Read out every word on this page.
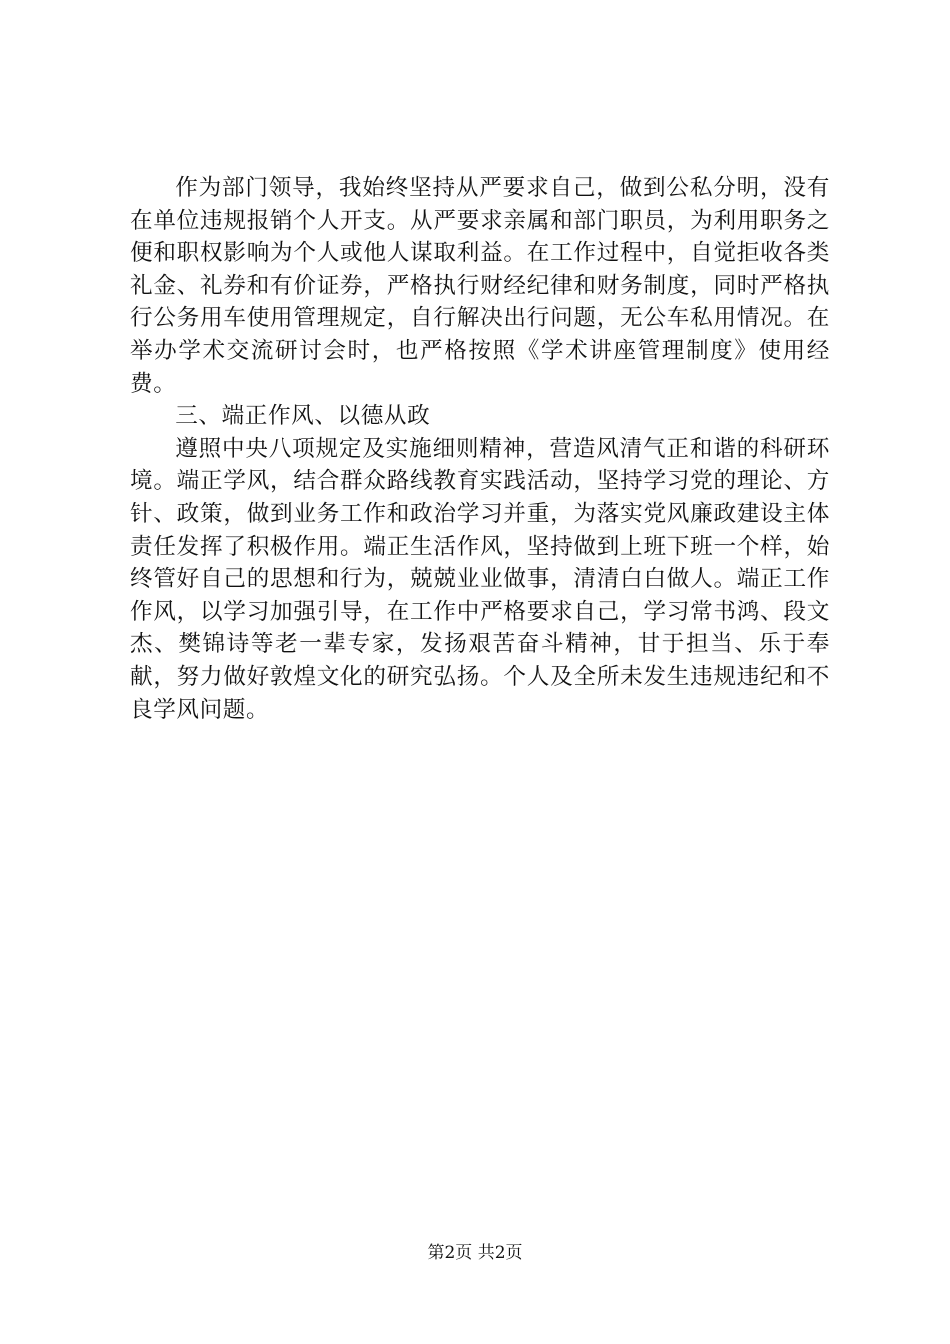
作为部门领导，我始终坚持从严要求自己，做到公私分明，没有在单位违规报销个人开支。从严要求亲属和部门职员，为利用职务之便和职权影响为个人或他人谋取利益。在工作过程中，自觉拒收各类礼金、礼券和有价证券，严格执行财经纪律和财务制度，同时严格执行公务用车使用管理规定，自行解决出行问题，无公车私用情况。在举办学术交流研讨会时，也严格按照《学术讲座管理制度》使用经费。

三、端正作风、以德从政

遵照中央八项规定及实施细则精神，营造风清气正和谐的科研环境。端正学风，结合群众路线教育实践活动，坚持学习党的理论、方针、政策，做到业务工作和政治学习并重，为落实党风廉政建设主体责任发挥了积极作用。端正生活作风，坚持做到上班下班一个样，始终管好自己的思想和行为，兢兢业业做事，清清白白做人。端正工作作风，以学习加强引导，在工作中严格要求自己，学习常书鸿、段文杰、樊锦诗等老一辈专家，发扬艰苦奋斗精神，甘于担当、乐于奉献，努力做好敦煌文化的研究弘扬。个人及全所未发生违规违纪和不良学风问题。

第2页 共2页
